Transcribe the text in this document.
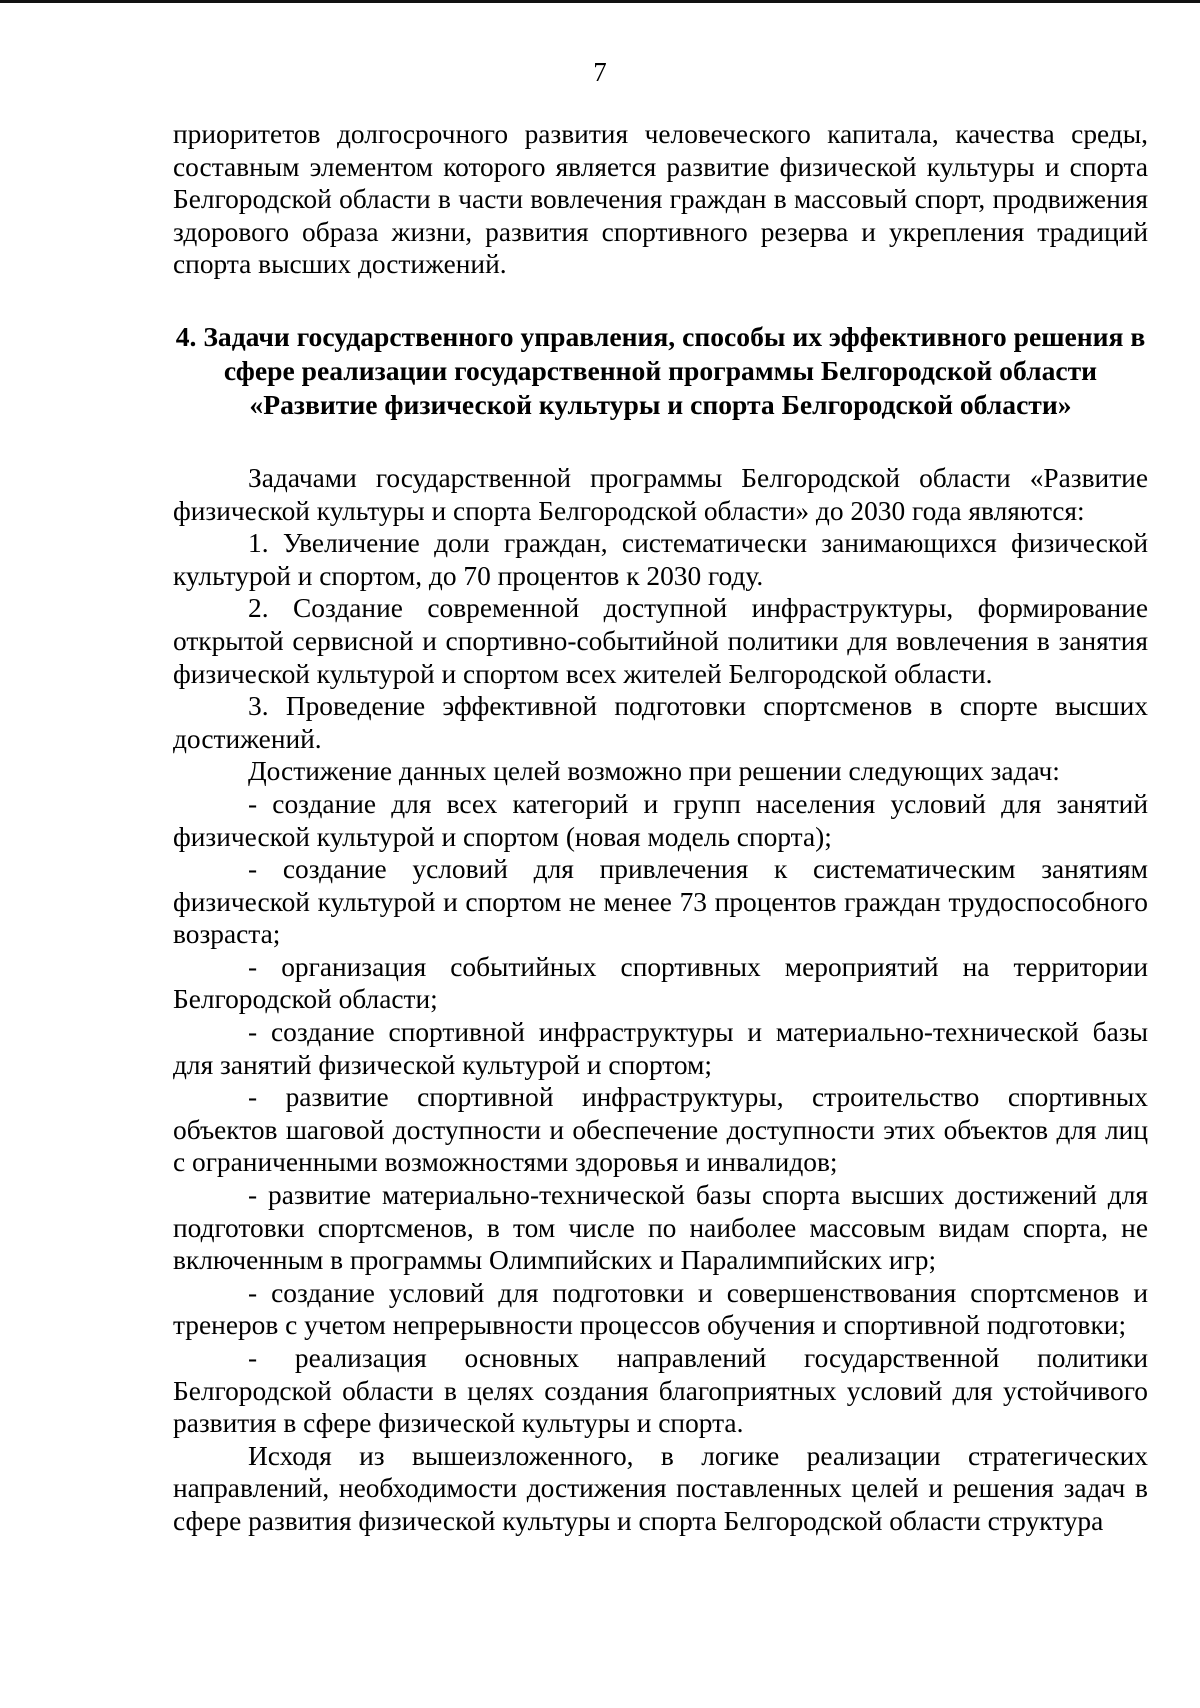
7

приоритетов долгосрочного развития человеческого капитала, качества среды, составным элементом которого является развитие физической культуры и спорта Белгородской области в части вовлечения граждан в массовый спорт, продвижения здорового образа жизни, развития спортивного резерва и укрепления традиций спорта высших достижений.

4. Задачи государственного управления, способы их эффективного решения в сфере реализации государственной программы Белгородской области «Развитие физической культуры и спорта Белгородской области»

Задачами государственной программы Белгородской области «Развитие физической культуры и спорта Белгородской области» до 2030 года являются:

1. Увеличение доли граждан, систематически занимающихся физической культурой и спортом, до 70 процентов к 2030 году.

2. Создание современной доступной инфраструктуры, формирование открытой сервисной и спортивно-событийной политики для вовлечения в занятия физической культурой и спортом всех жителей Белгородской области.

3. Проведение эффективной подготовки спортсменов в спорте высших достижений.

Достижение данных целей возможно при решении следующих задач:

- создание для всех категорий и групп населения условий для занятий физической культурой и спортом (новая модель спорта);

- создание условий для привлечения к систематическим занятиям физической культурой и спортом не менее 73 процентов граждан трудоспособного возраста;

- организация событийных спортивных мероприятий на территории Белгородской области;

- создание спортивной инфраструктуры и материально-технической базы для занятий физической культурой и спортом;

- развитие спортивной инфраструктуры, строительство спортивных объектов шаговой доступности и обеспечение доступности этих объектов для лиц с ограниченными возможностями здоровья и инвалидов;

- развитие материально-технической базы спорта высших достижений для подготовки спортсменов, в том числе по наиболее массовым видам спорта, не включенным в программы Олимпийских и Паралимпийских игр;

- создание условий для подготовки и совершенствования спортсменов и тренеров с учетом непрерывности процессов обучения и спортивной подготовки;

- реализация основных направлений государственной политики Белгородской области в целях создания благоприятных условий для устойчивого развития в сфере физической культуры и спорта.

Исходя из вышеизложенного, в логике реализации стратегических направлений, необходимости достижения поставленных целей и решения задач в сфере развития физической культуры и спорта Белгородской области структура
